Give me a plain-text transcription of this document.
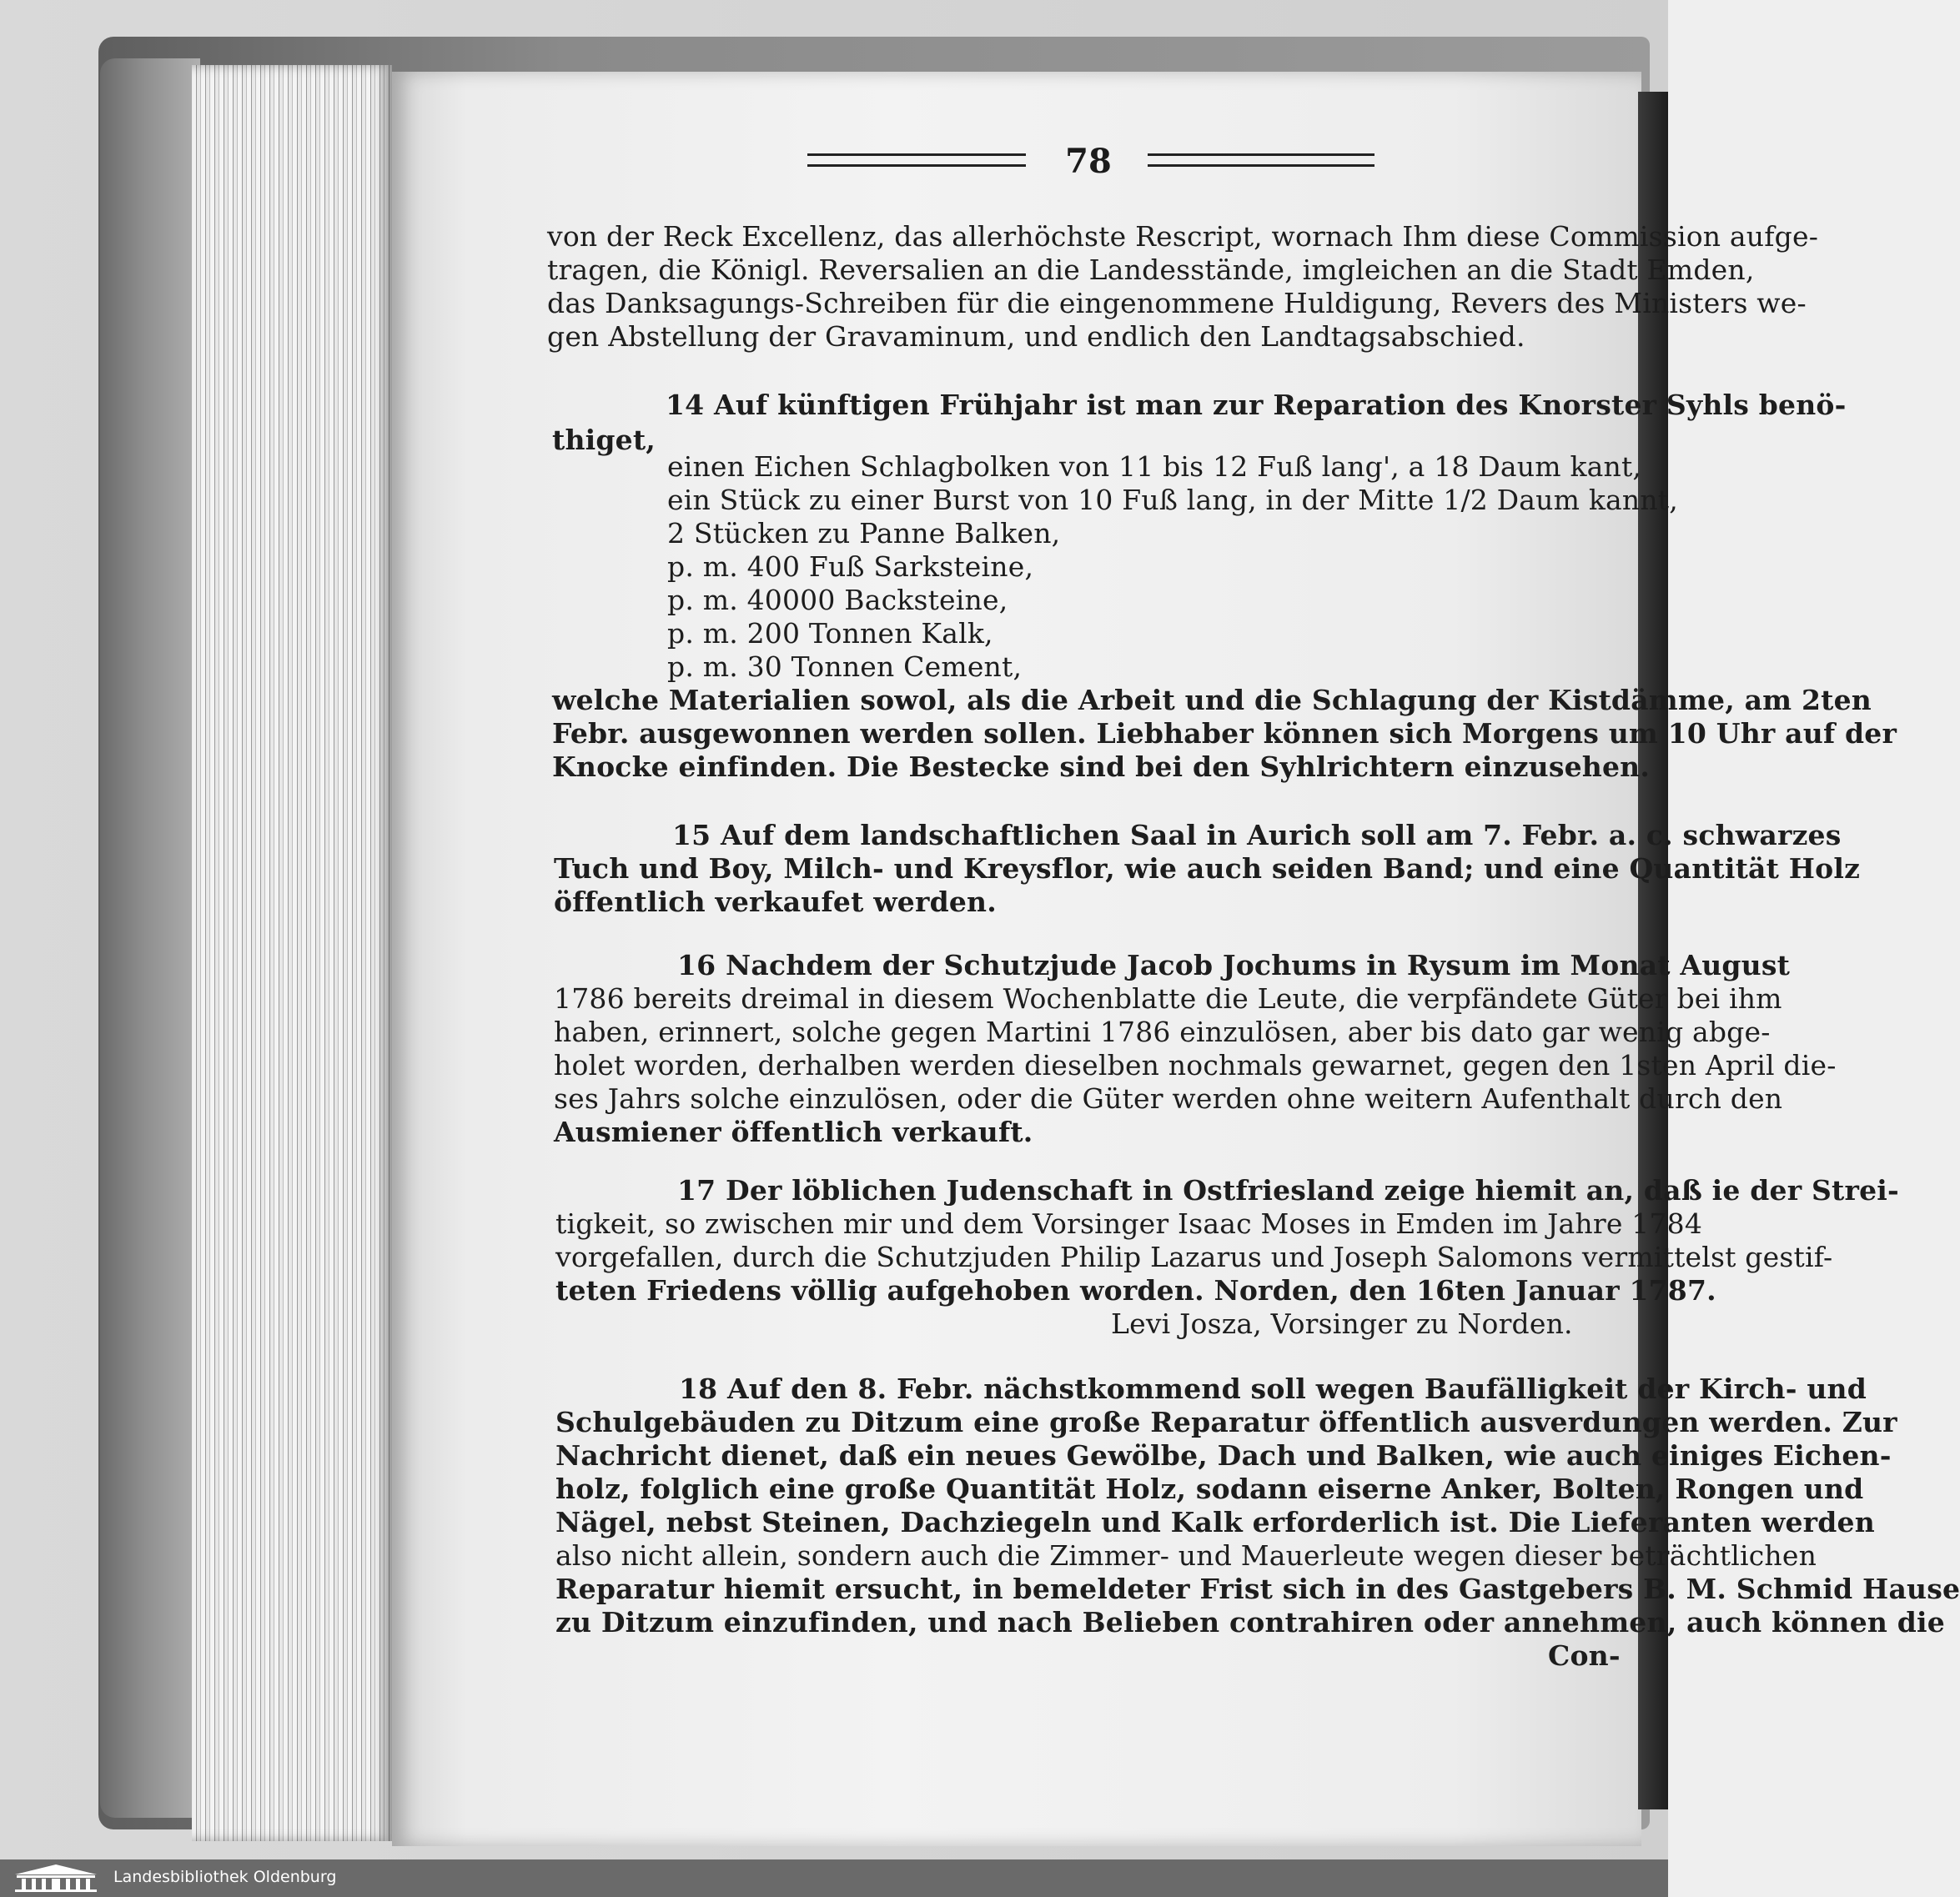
78

von der Reck Excellenz, das allerhöchste Rescript, wornach Ihm diese Commission aufge-

tragen, die Königl. Reversalien an die Landesstände, imgleichen an die Stadt Emden,

das Danksagungs-Schreiben für die eingenommene Huldigung, Revers des Ministers we-

gen Abstellung der Gravaminum, und endlich den Landtagsabschied.

14 Auf künftigen Frühjahr ist man zur Reparation des Knorster Syhls benö-

thiget,

einen Eichen Schlagbolken von 11 bis 12 Fuß lang', a 18 Daum kant,

ein Stück zu einer Burst von 10 Fuß lang, in der Mitte 1/2 Daum kannt,

2 Stücken zu Panne Balken,

p. m. 400 Fuß Sarksteine,

p. m. 40000 Backsteine,

p. m. 200 Tonnen Kalk,

p. m. 30 Tonnen Cement,

welche Materialien sowol, als die Arbeit und die Schlagung der Kistdämme, am 2ten

Febr. ausgewonnen werden sollen. Liebhaber können sich Morgens um 10 Uhr auf der

Knocke einfinden. Die Bestecke sind bei den Syhlrichtern einzusehen.

15 Auf dem landschaftlichen Saal in Aurich soll am 7. Febr. a. c. schwarzes

Tuch und Boy, Milch- und Kreysflor, wie auch seiden Band; und eine Quantität Holz

öffentlich verkaufet werden.

16 Nachdem der Schutzjude Jacob Jochums in Rysum im Monat August

1786 bereits dreimal in diesem Wochenblatte die Leute, die verpfändete Güter bei ihm

haben, erinnert, solche gegen Martini 1786 einzulösen, aber bis dato gar wenig abge-

holet worden, derhalben werden dieselben nochmals gewarnet, gegen den 1sten April die-

ses Jahrs solche einzulösen, oder die Güter werden ohne weitern Aufenthalt durch den

Ausmiener öffentlich verkauft.

17 Der löblichen Judenschaft in Ostfriesland zeige hiemit an, daß ie der Strei-

tigkeit, so zwischen mir und dem Vorsinger Isaac Moses in Emden im Jahre 1784

vorgefallen, durch die Schutzjuden Philip Lazarus und Joseph Salomons vermittelst gestif-

teten Friedens völlig aufgehoben worden. Norden, den 16ten Januar 1787.

Levi Josza, Vorsinger zu Norden.

18 Auf den 8. Febr. nächstkommend soll wegen Baufälligkeit der Kirch- und

Schulgebäuden zu Ditzum eine große Reparatur öffentlich ausverdungen werden. Zur

Nachricht dienet, daß ein neues Gewölbe, Dach und Balken, wie auch einiges Eichen-

holz, folglich eine große Quantität Holz, sodann eiserne Anker, Bolten, Rongen und

Nägel, nebst Steinen, Dachziegeln und Kalk erforderlich ist. Die Lieferanten werden

also nicht allein, sondern auch die Zimmer- und Mauerleute wegen dieser beträchtlichen

Reparatur hiemit ersucht, in bemeldeter Frist sich in des Gastgebers B. M. Schmid Hause

zu Ditzum einzufinden, und nach Belieben contrahiren oder annehmen, auch können die

Con-

Landesbibliothek Oldenburg
